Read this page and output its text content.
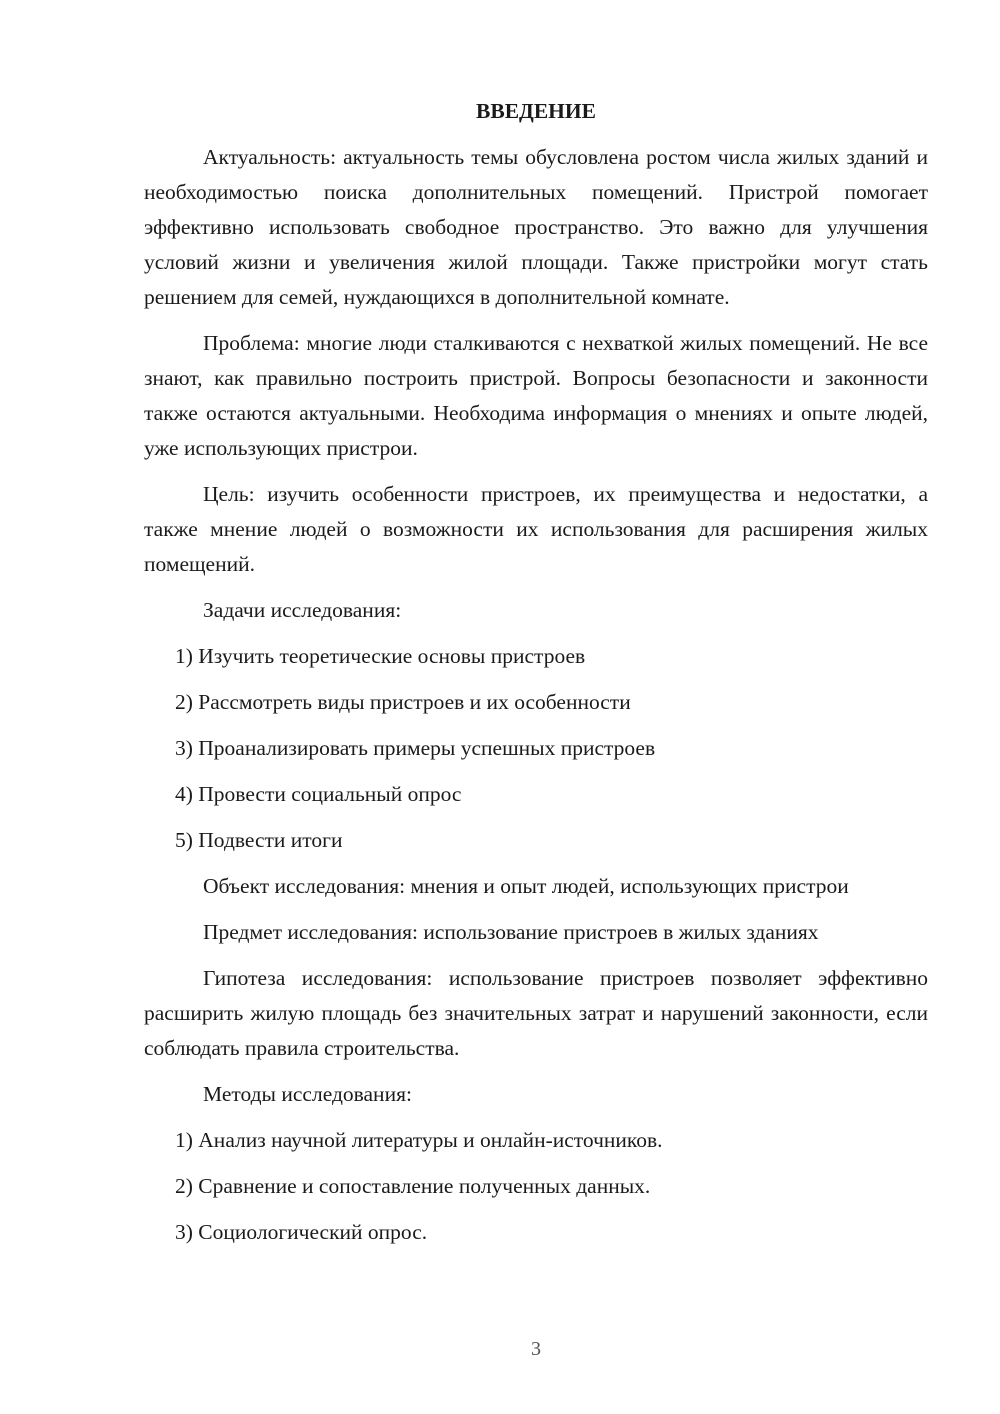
ВВЕДЕНИЕ

Актуальность: актуальность темы обусловлена ростом числа жилых зданий и необходимостью поиска дополнительных помещений. Пристрой помогает эффективно использовать свободное пространство. Это важно для улучшения условий жизни и увеличения жилой площади. Также пристройки могут стать решением для семей, нуждающихся в дополнительной комнате.

Проблема: многие люди сталкиваются с нехваткой жилых помещений. Не все знают, как правильно построить пристрой. Вопросы безопасности и законности также остаются актуальными. Необходима информация о мнениях и опыте людей, уже использующих пристрои.

Цель: изучить особенности пристроев, их преимущества и недостатки, а также мнение людей о возможности их использования для расширения жилых помещений.

Задачи исследования:

1) Изучить теоретические основы пристроев
2) Рассмотреть виды пристроев и их особенности
3) Проанализировать примеры успешных пристроев
4) Провести социальный опрос
5) Подвести итоги

Объект исследования: мнения и опыт людей, использующих пристрои

Предмет исследования: использование пристроев в жилых зданиях

Гипотеза исследования: использование пристроев позволяет эффективно расширить жилую площадь без значительных затрат и нарушений законности, если соблюдать правила строительства.

Методы исследования:

1) Анализ научной литературы и онлайн-источников.
2) Сравнение и сопоставление полученных данных.
3) Социологический опрос.
3
